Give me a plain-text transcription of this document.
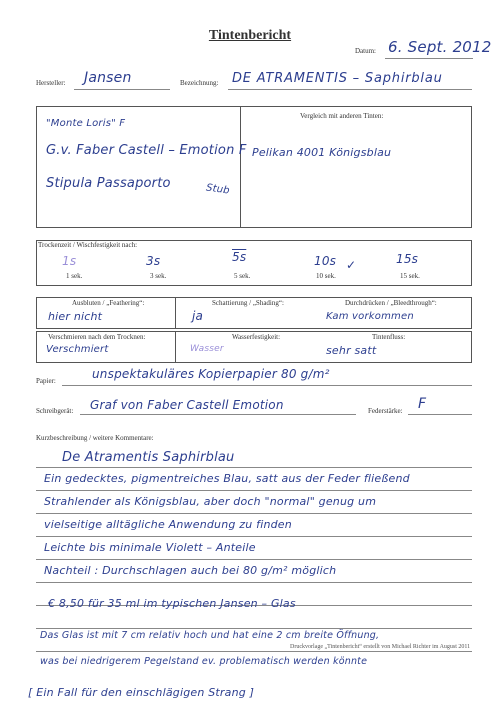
Tintenbericht
Datum: 6. Sept. 2012
Hersteller: Jansen	Bezeichnung: DE ATRAMENTIS – Saphirblau
"Monte Loris" F
G.v. Faber Castell – Emotion F
Stipula Passaporto	Stub
Vergleich mit anderen Tinten:
Pelikan 4001 Königsblau
Trockenzeit / Wischfestigkeit nach:
1s	3s	5s	10s	15s
✓
1 sek.	3 sek.	5 sek.	10 sek.	15 sek.
Ausbluten / „Feathering“:
hier nicht
Schattierung / „Shading“:
ja
Durchdrücken / „Bleedthrough“:
Kam vorkommen
Verschmieren nach dem Trocknen:
Verschmiert
Wasserfestigkeit:
Wasser
Tintenfluss:
sehr satt
Papier:	unspektakuläres Kopierpapier 80 g/m²
Schreibgerät: Graf von Faber Castell Emotion	Federstärke: F
Kurzbeschreibung / weitere Kommentare:
De Atramentis Saphirblau
Ein gedecktes, pigmentreiches Blau, satt aus der Feder fließend
Strahlender als Königsblau, aber doch "normal" genug um
vielseitige alltägliche Anwendung zu finden
Leichte bis minimale Violett – Anteile
Nachteil : Durchschlagen auch bei 80 g/m² möglich
€ 8,50 für 35 ml im typischen Jansen – Glas
Das Glas ist mit 7 cm relativ hoch und hat eine 2 cm breite Öffnung,
Druckvorlage „Tintenbericht“ erstellt von Michael Richter im August 2011
was bei niedrigerem Pegelstand ev. problematisch werden könnte
[ Ein Fall für den einschlägigen Strang ]
